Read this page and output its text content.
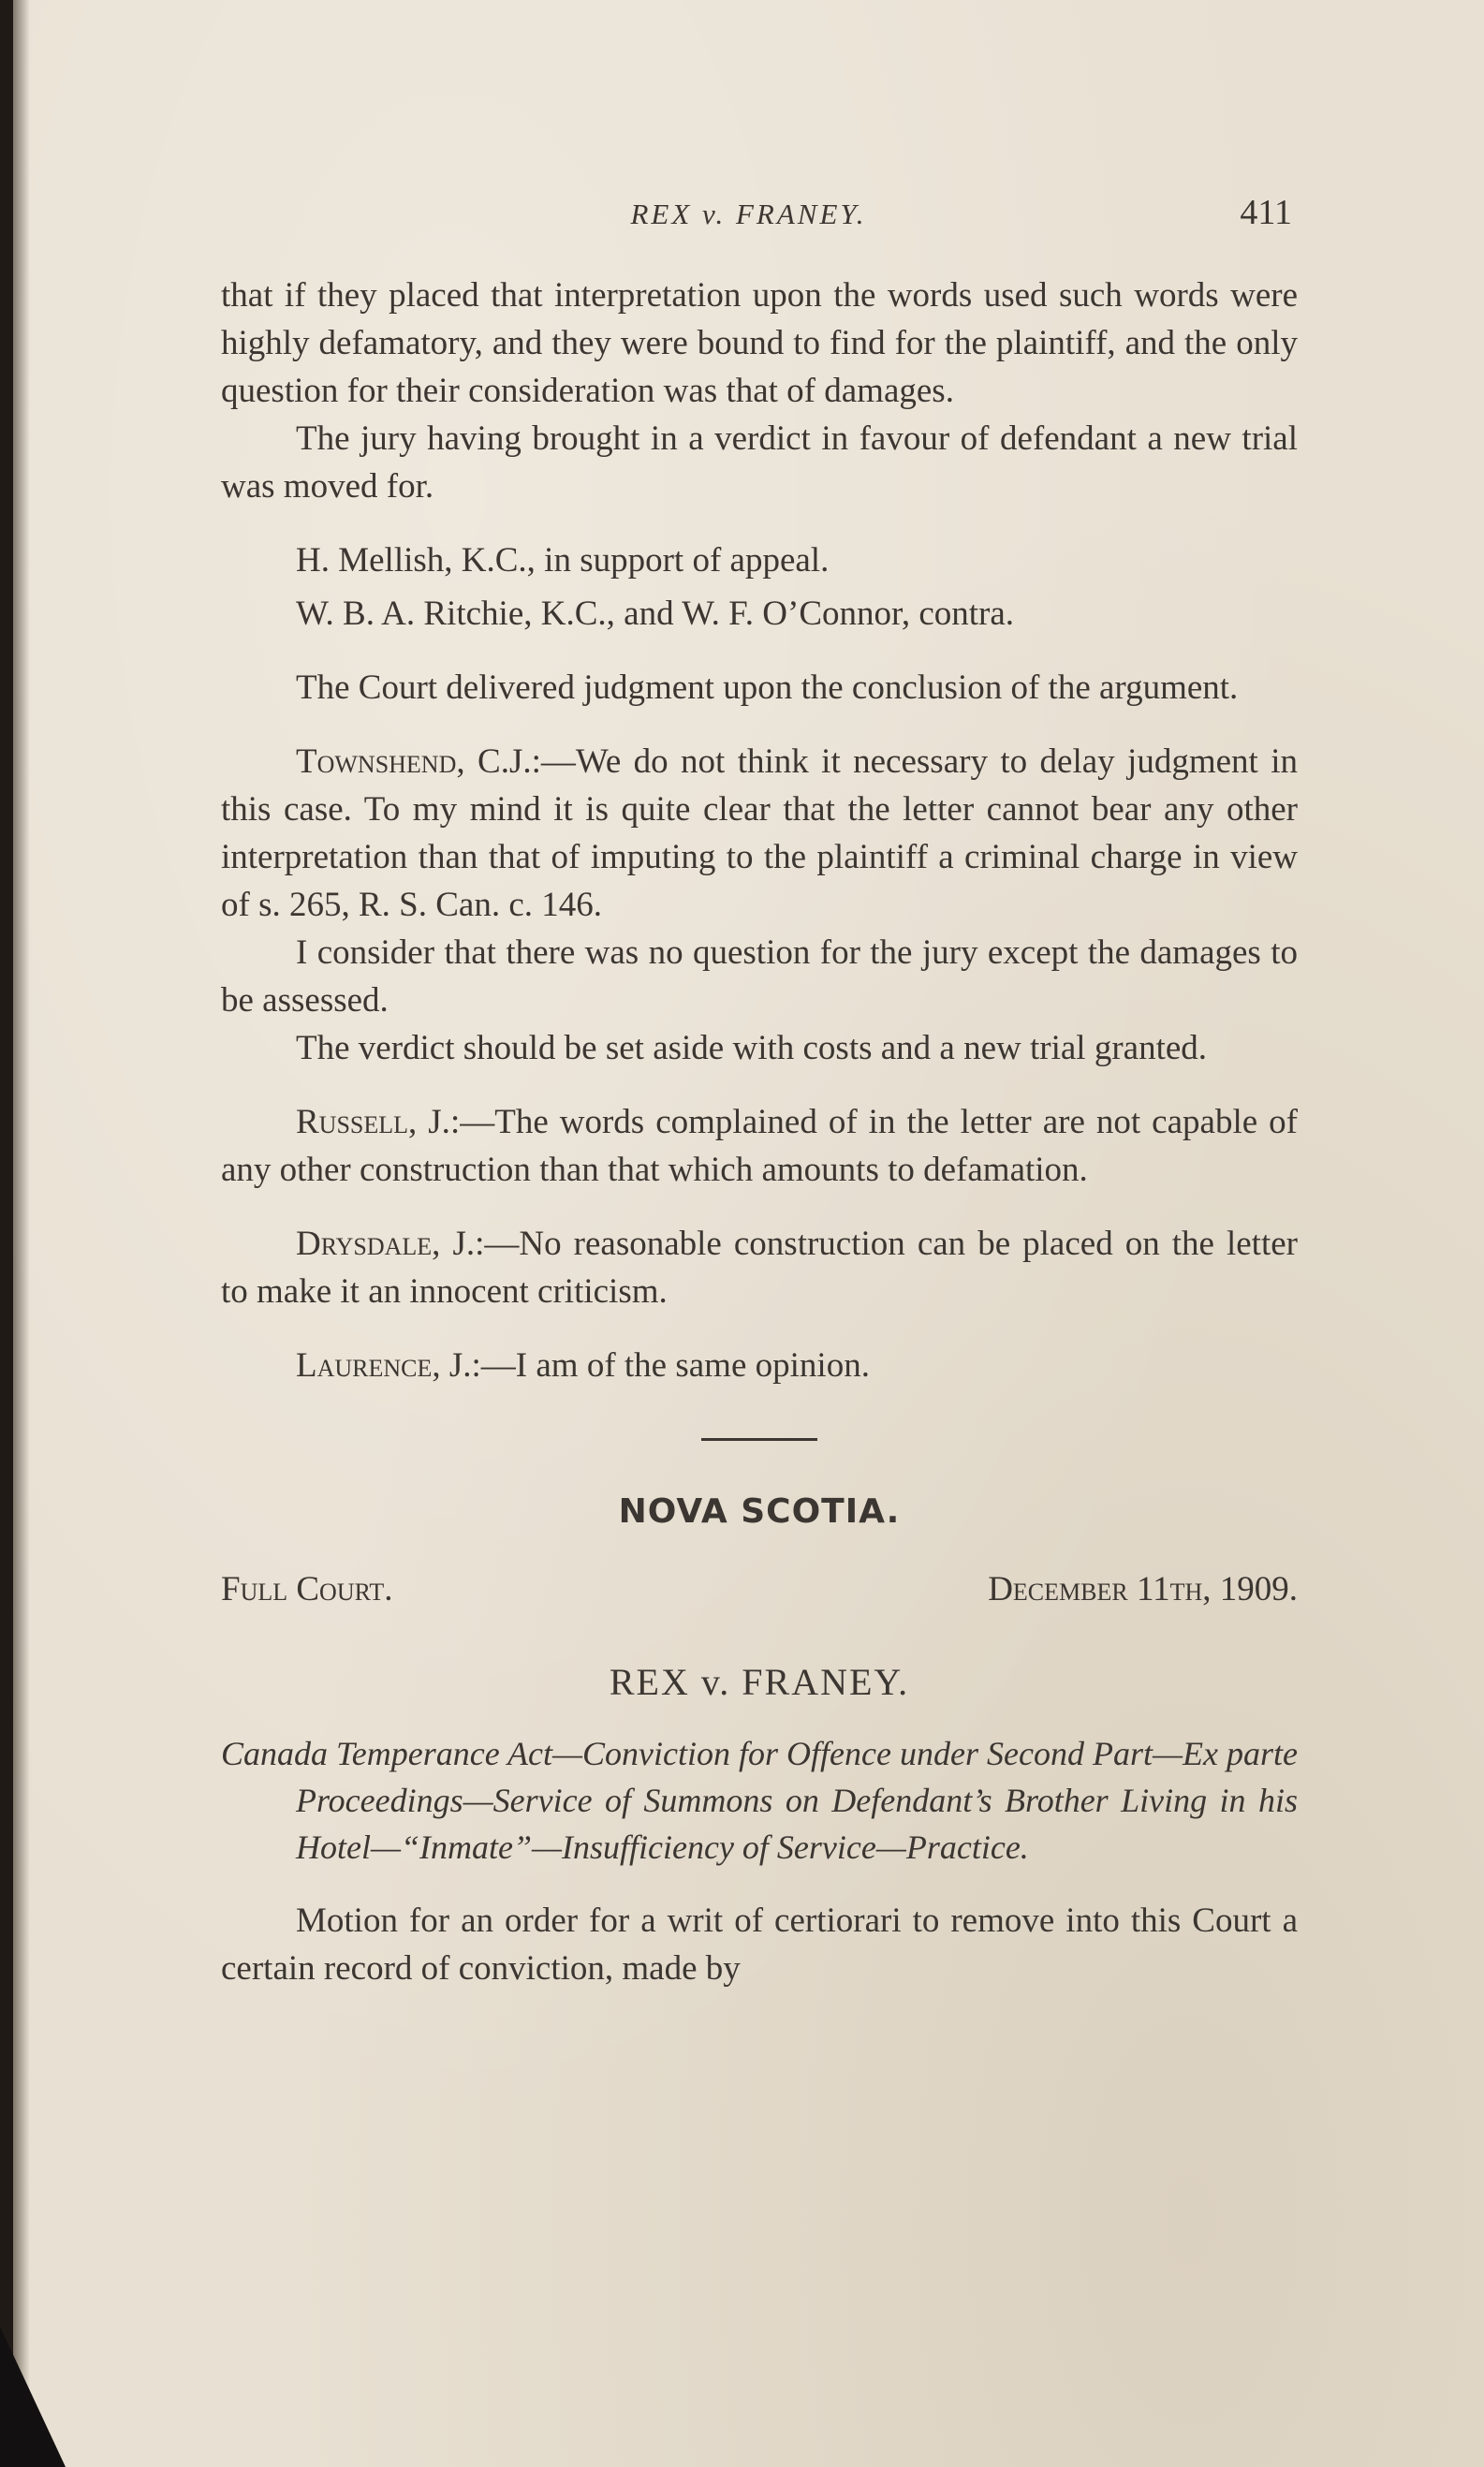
REX v. FRANEY.	411

that if they placed that interpretation upon the words used such words were highly defamatory, and they were bound to find for the plaintiff, and the only question for their consideration was that of damages.

The jury having brought in a verdict in favour of defendant a new trial was moved for.

H. Mellish, K.C., in support of appeal.

W. B. A. Ritchie, K.C., and W. F. O’Connor, contra.

The Court delivered judgment upon the conclusion of the argument.

Townshend, C.J.:—We do not think it necessary to delay judgment in this case. To my mind it is quite clear that the letter cannot bear any other interpretation than that of imputing to the plaintiff a criminal charge in view of s. 265, R. S. Can. c. 146.

I consider that there was no question for the jury except the damages to be assessed.

The verdict should be set aside with costs and a new trial granted.

Russell, J.:—The words complained of in the letter are not capable of any other construction than that which amounts to defamation.

Drysdale, J.:—No reasonable construction can be placed on the letter to make it an innocent criticism.

Laurence, J.:—I am of the same opinion.

NOVA SCOTIA.

Full Court.	December 11th, 1909.

REX v. FRANEY.

Canada Temperance Act—Conviction for Offence under Second Part—Ex parte Proceedings—Service of Summons on Defendant’s Brother Living in his Hotel—“Inmate”—Insufficiency of Service—Practice.

Motion for an order for a writ of certiorari to remove into this Court a certain record of conviction, made by
